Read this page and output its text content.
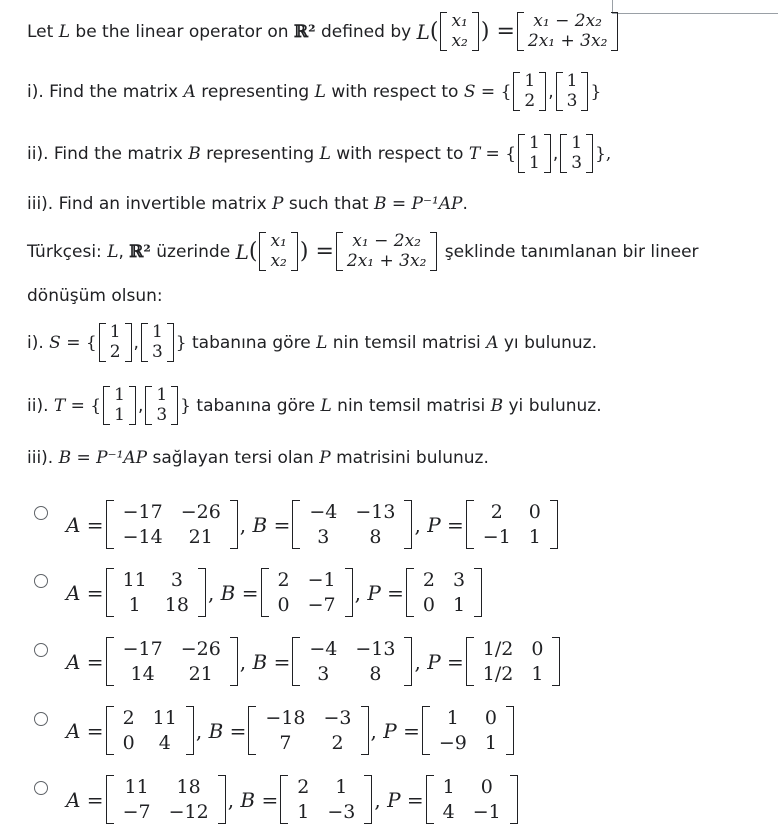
Let
L
be the linear operator on
ℝ²
defined by
L ( x₁
x₂ ) = x₁ − 2x₂
2x₁ + 3x₂
i). Find the matrix
A
representing
L
with respect to
S = {
1
2 ,
1
3 }
ii). Find the matrix
B
representing
L
with respect to
T = {
1
1 ,
1
3 },
iii). Find an invertible matrix
P
such that
B = P⁻¹AP .
Türkçesi:
L , ℝ²
üzerinde
L ( x₁
x₂ ) = x₁ − 2x₂
2x₁ + 3x₂
şeklinde tanımlanan bir lineer
dönüşüm olsun:
i). S = {
1
2 ,
1
3 }
tabanına göre
L
nin temsil matrisi
A
yı bulunuz.
ii). T = {
1
1 ,
1
3 }
tabanına göre
L
nin temsil matrisi
B
yi bulunuz.
iii).
B = P⁻¹AP
sağlayan tersi olan
P
matrisini bulunuz.
A =
−17	−26
−14	21 , B =
−4	−13
3	8 , P =
2	0
−1	1
A =
11	3
1	18 , B =
2	−1
0	−7 , P =
2	3
0	1
A =
−17	−26
14	21 , B =
−4	−13
3	8 , P =
1/2	0
1/2	1
A =
2	11
0	4 , B =
−18	−3
7	2 , P =
1	0
−9	1
A =
11	18
−7	−12 , B =
2	1
1	−3 , P =
1	0
4	−1
